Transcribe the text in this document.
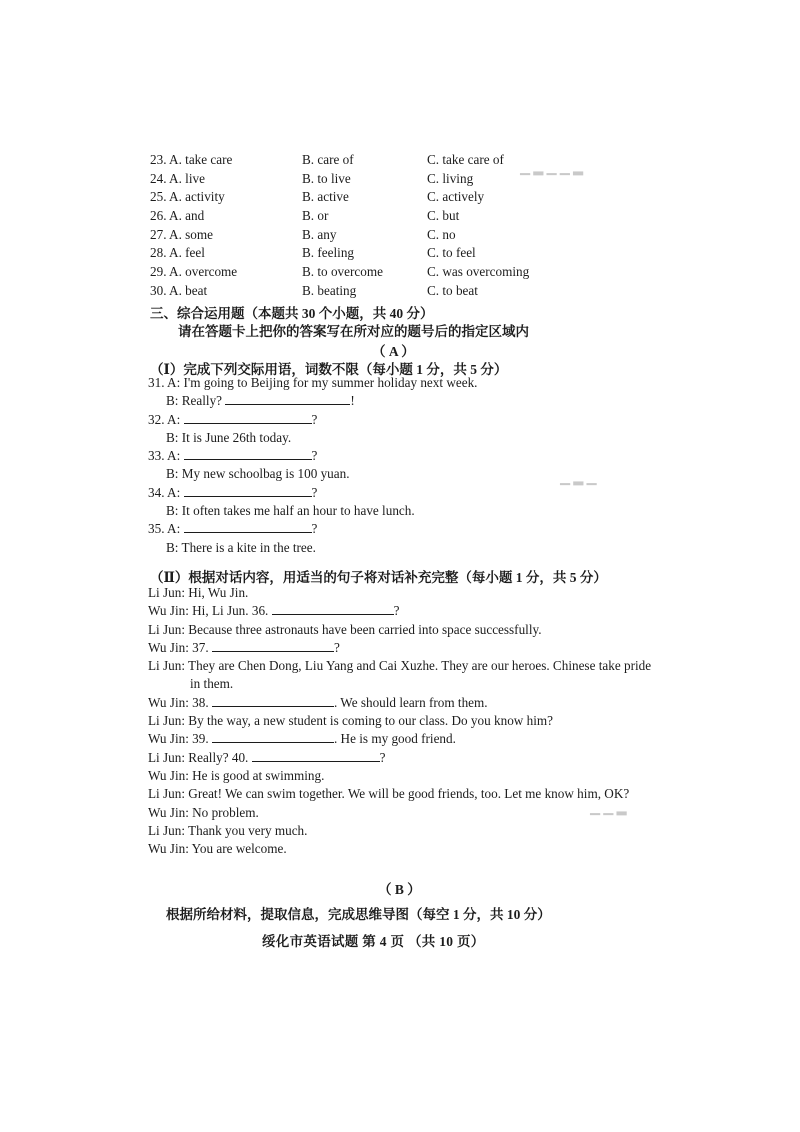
▁ ▂ ▁ ▁ ▂
▁ ▂ ▁
▁ ▁ ▂
23. A. take care	B. care of	C. take care of
24. A. live	B. to live	C. living
25. A. activity	B. active	C. actively
26. A. and	B. or	C. but
27. A. some	B. any	C. no
28. A. feel	B. feeling	C. to feel
29. A. overcome	B. to overcome	C. was overcoming
30. A. beat	B. beating	C. to beat
三、综合运用题（本题共 30 个小题，共 40 分）
请在答题卡上把你的答案写在所对应的题号后的指定区域内
（ A ）
（Ⅰ）完成下列交际用语，词数不限（每小题 1 分，共 5 分）
31. A: I'm going to Beijing for my summer holiday next week.
B: Really?	!
32. A:	?
B: It is June 26th today.
33. A:	?
B: My new schoolbag is 100 yuan.
34. A:	?
B: It often takes me half an hour to have lunch.
35. A:	?
B: There is a kite in the tree.
（Ⅱ）根据对话内容，用适当的句子将对话补充完整（每小题 1 分，共 5 分）
Li Jun: Hi, Wu Jin.
Wu Jin: Hi, Li Jun. 36.	?
Li Jun: Because three astronauts have been carried into space successfully.
Wu Jin: 37.	?
Li Jun: They are Chen Dong, Liu Yang and Cai Xuzhe. They are our heroes. Chinese take pride
in them.
Wu Jin: 38.	. We should learn from them.
Li Jun: By the way, a new student is coming to our class. Do you know him?
Wu Jin: 39.	. He is my good friend.
Li Jun: Really? 40.	?
Wu Jin: He is good at swimming.
Li Jun: Great! We can swim together. We will be good friends, too. Let me know him, OK?
Wu Jin: No problem.
Li Jun: Thank you very much.
Wu Jin: You are welcome.
（ B ）
根据所给材料，提取信息，完成思维导图（每空 1 分，共 10 分）
绥化市英语试题 第 4 页 （共 10 页）
